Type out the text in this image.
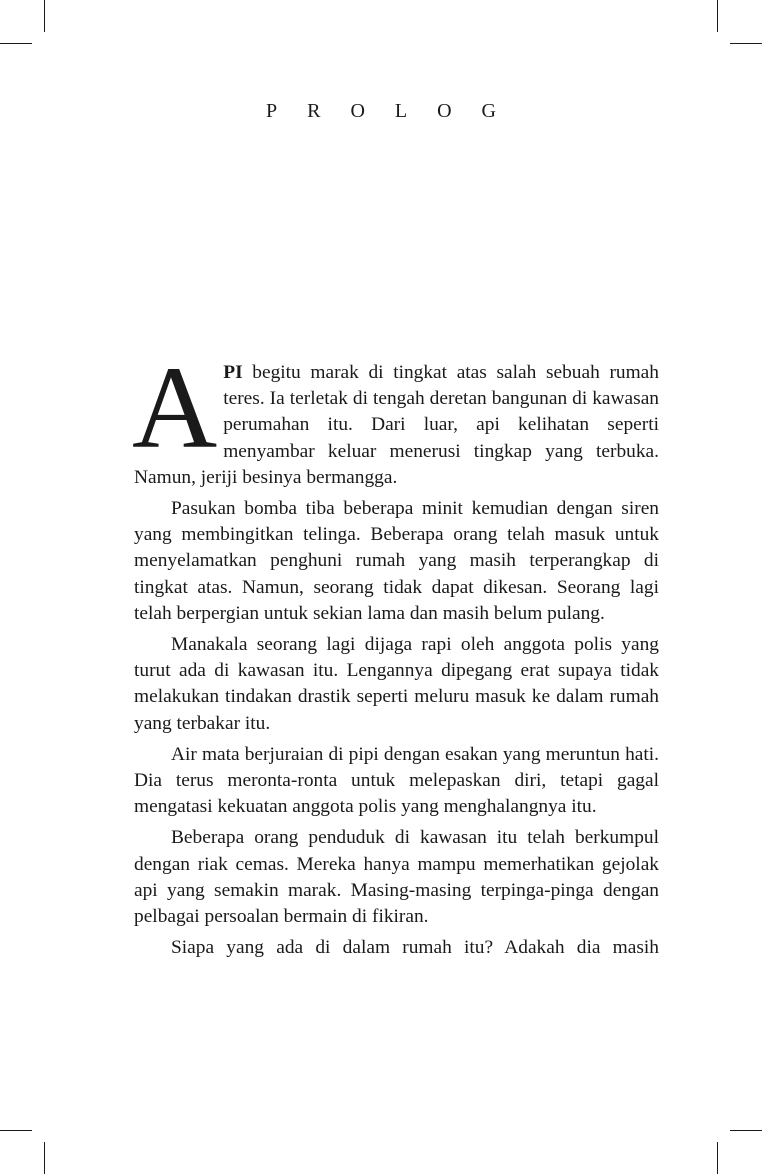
PROLOG

API begitu marak di tingkat atas salah sebuah rumah teres. Ia terletak di tengah deretan bangunan di kawasan perumahan itu. Dari luar, api kelihatan seperti menyambar keluar menerusi tingkap yang terbuka. Namun, jeriji besinya bermangga.

Pasukan bomba tiba beberapa minit kemudian dengan siren yang membingitkan telinga. Beberapa orang telah masuk untuk menyelamatkan penghuni rumah yang masih terperangkap di tingkat atas. Namun, seorang tidak dapat dikesan. Seorang lagi telah berpergian untuk sekian lama dan masih belum pulang.

Manakala seorang lagi dijaga rapi oleh anggota polis yang turut ada di kawasan itu. Lengannya dipegang erat supaya tidak melakukan tindakan drastik seperti meluru masuk ke dalam rumah yang terbakar itu.

Air mata berjuraian di pipi dengan esakan yang meruntun hati. Dia terus meronta-ronta untuk melepaskan diri, tetapi gagal mengatasi kekuatan anggota polis yang menghalangnya itu.

Beberapa orang penduduk di kawasan itu telah berkumpul dengan riak cemas. Mereka hanya mampu memerhatikan gejolak api yang semakin marak. Masing-masing terpinga-pinga dengan pelbagai persoalan bermain di fikiran.

Siapa yang ada di dalam rumah itu? Adakah dia masih
